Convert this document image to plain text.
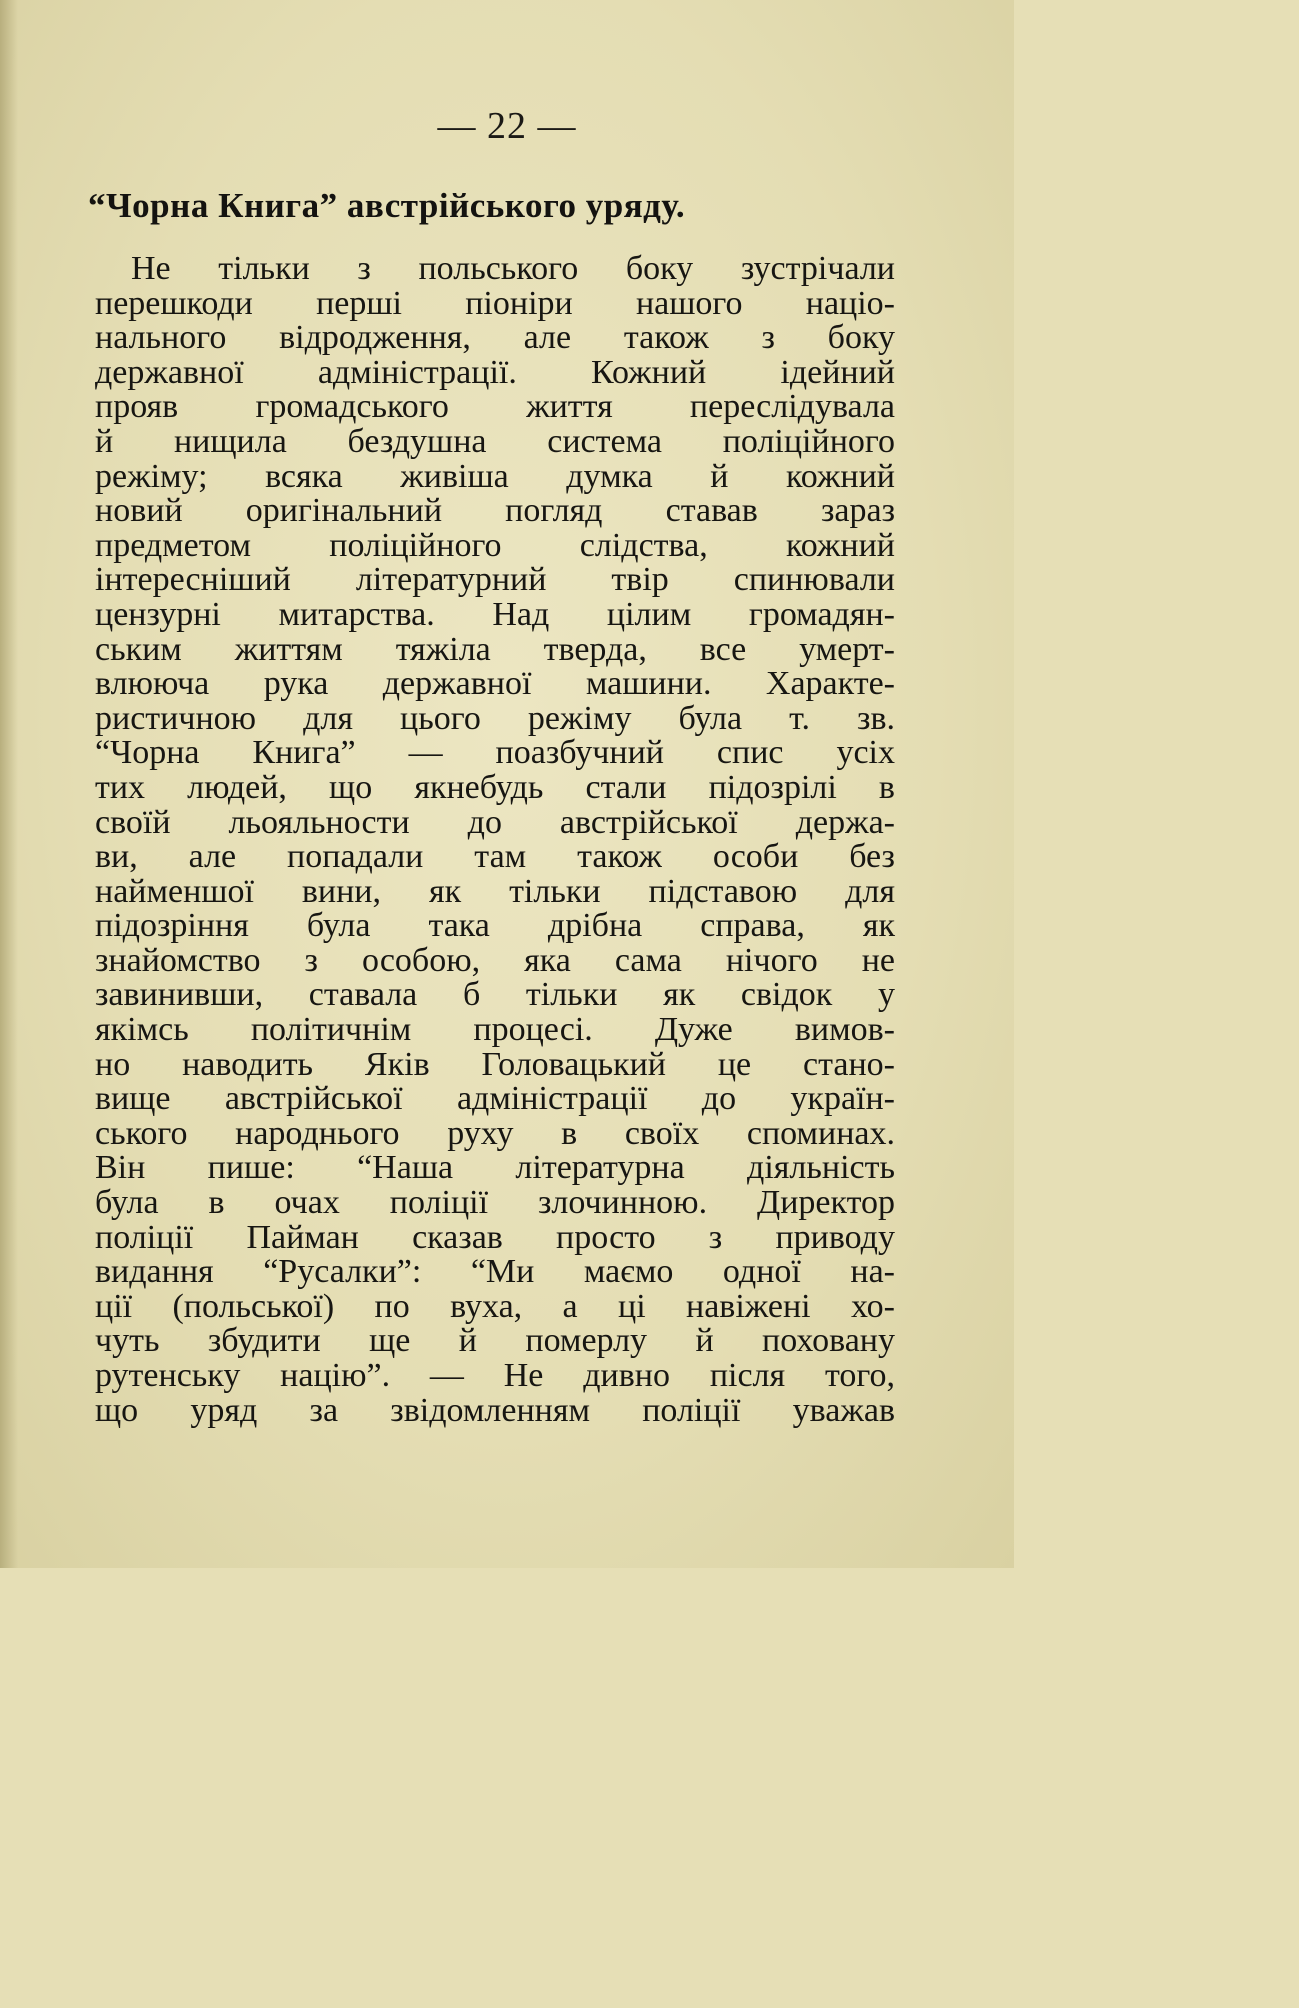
— 22 —
“Чорна Книга” австрійського уряду.
Не тільки з польського боку зустрічали
перешкоди перші піоніри нашого націо-
нального відродження, але також з боку
державної адміністрації. Кожний ідейний
прояв громадського життя переслідувала
й нищила бездушна система поліційного
режіму; всяка живіша думка й кожний
новий оригінальний погляд ставав зараз
предметом поліційного слідства, кожний
інтересніший літературний твір спинювали
цензурні митарства. Над цілим громадян-
ським життям тяжіла тверда, все умерт-
влююча рука державної машини. Характе-
ристичною для цього режіму була т. зв.
“Чорна Книга” — поазбучний спис усіх
тих людей, що якнебудь стали підозрілі в
своїй льояльности до австрійської держа-
ви, але попадали там також особи без
найменшої вини, як тільки підставою для
підозріння була така дрібна справа, як
знайомство з особою, яка сама нічого не
завинивши, ставала б тільки як свідок у
якімсь політичнім процесі. Дуже вимов-
но наводить Яків Головацький це стано-
вище австрійської адміністрації до україн-
ського народнього руху в своїх споминах.
Він пише: “Наша літературна діяльність
була в очах поліції злочинною. Директор
поліції Пайман сказав просто з приводу
видання “Русалки”: “Ми маємо одної на-
ції (польської) по вуха, а ці навіжені хо-
чуть збудити ще й померлу й поховану
рутенську націю”. — Не дивно після того,
що уряд за звідомленням поліції уважав
